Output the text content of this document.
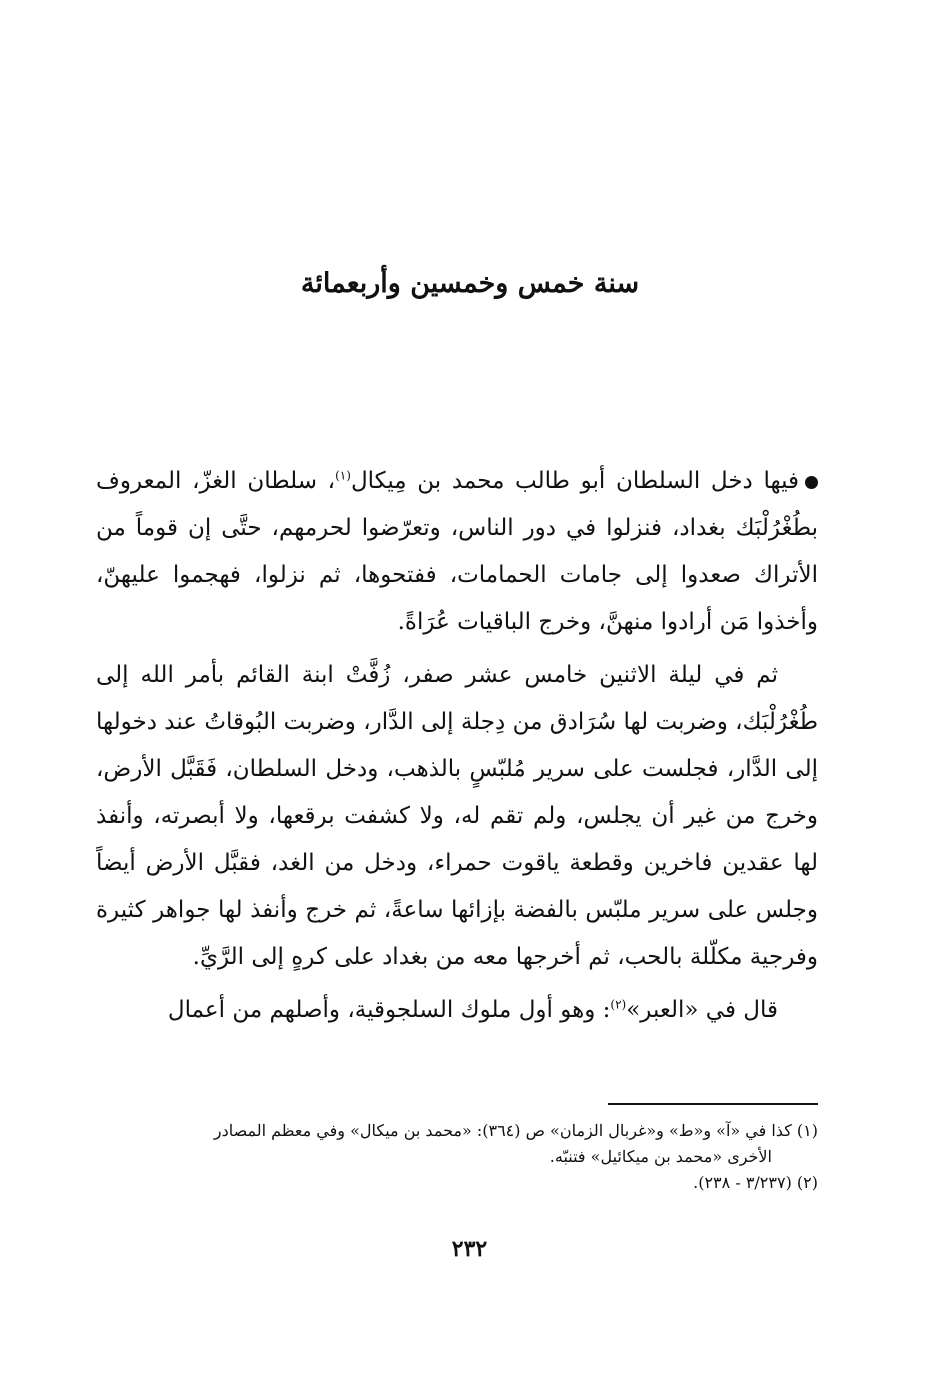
سنة خمس وخمسين وأربعمائة

فيها دخل السلطان أبو طالب محمد بن مِيكال$^{(١)}$، سلطان الغزّ، المعروف بطُغْرُلْبَك بغداد، فنزلوا في دور الناس، وتعرّضوا لحرمهم، حتَّى إن قوماً من الأتراك صعدوا إلى جامات الحمامات، ففتحوها، ثم نزلوا، فهجموا عليهنّ، وأخذوا مَن أرادوا منهنَّ، وخرج الباقيات عُرَاةً.

ثم في ليلة الاثنين خامس عشر صفر، زُفَّتْ ابنة القائم بأمر الله إلى طُغْرُلْبَك، وضربت لها سُرَادق من دِجلة إلى الدَّار، وضربت البُوقاتُ عند دخولها إلى الدَّار، فجلست على سرير مُلبّسٍ بالذهب، ودخل السلطان، فَقَبَّل الأرض، وخرج من غير أن يجلس، ولم تقم له، ولا كشفت برقعها، ولا أبصرته، وأنفذ لها عقدين فاخرين وقطعة ياقوت حمراء، ودخل من الغد، فقبَّل الأرض أيضاً وجلس على سرير ملبّس بالفضة بإزائها ساعةً، ثم خرج وأنفذ لها جواهر كثيرة وفرجية مكلّلة بالحب، ثم أخرجها معه من بغداد على كرهٍ إلى الرَّيِّ.

قال في «العبر»$^{(٢)}$: وهو أول ملوك السلجوقية، وأصلهم من أعمال

(١) كذا في «آ» و«ط» و«غربال الزمان» ص (٣٦٤): «محمد بن ميكال» وفي معظم المصادر

الأخرى «محمد بن ميكائيل» فتنبّه.

(٢) (٣/٢٣٧ - ٢٣٨).

٢٣٢
